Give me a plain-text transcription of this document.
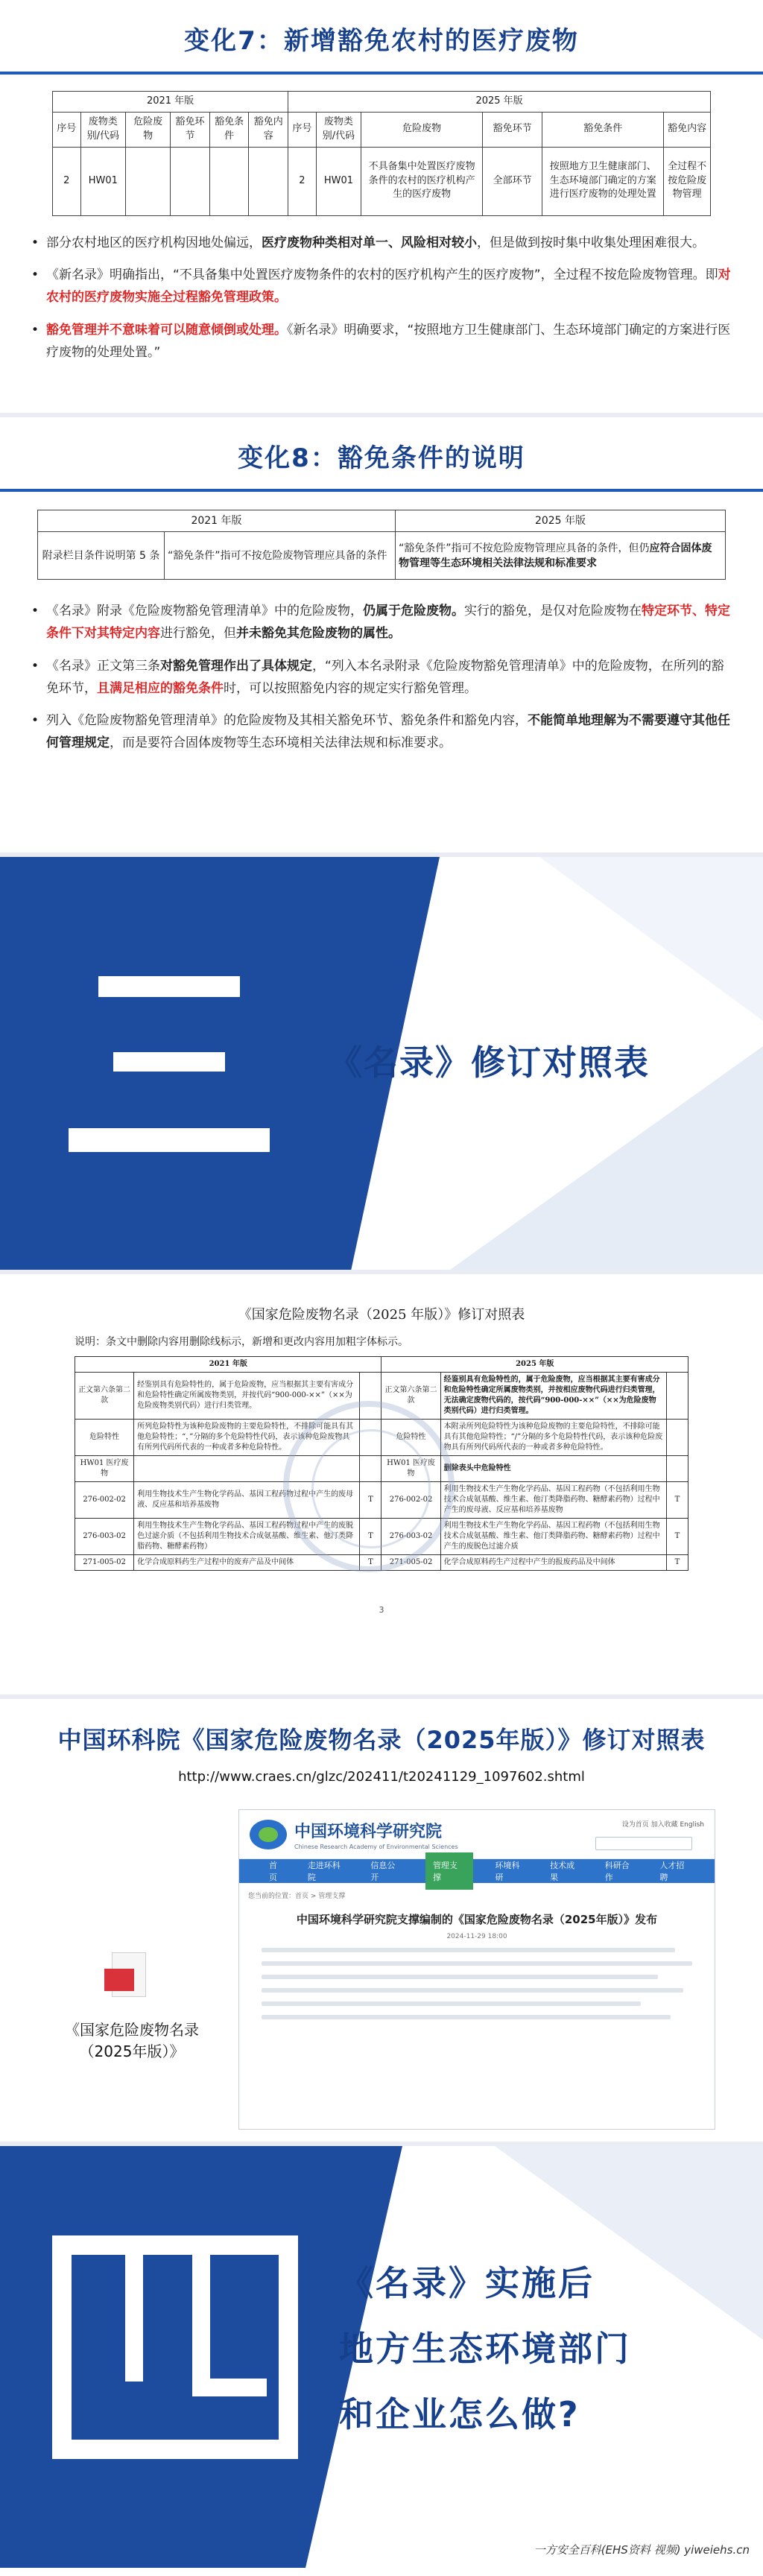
变化7：新增豁免农村的医疗废物
2021 年版						2025 年版					
序号	废物类别/代码	危险废物	豁免环节	豁免条件	豁免内容	序号	废物类别/代码	危险废物	豁免环节	豁免条件	豁免内容
2	HW01					2	HW01	不具备集中处置医疗废物条件的农村的医疗机构产生的医疗废物	全部环节	按照地方卫生健康部门、生态环境部门确定的方案进行医疗废物的处理处置	全过程不按危险废物管理
• 部分农村地区的医疗机构因地处偏远，医疗废物种类相对单一、风险相对较小，但是做到按时集中收集处理困难很大。
• 《新名录》明确指出，“不具备集中处置医疗废物条件的农村的医疗机构产生的医疗废物”，全过程不按危险废物管理。即对农村的医疗废物实施全过程豁免管理政策。
• 豁免管理并不意味着可以随意倾倒或处理。《新名录》明确要求，“按照地方卫生健康部门、生态环境部门确定的方案进行医疗废物的处理处置。”
变化8：豁免条件的说明
2021 年版		2025 年版
附录栏目条件说明第 5 条	“豁免条件”指可不按危险废物管理应具备的条件	“豁免条件”指可不按危险废物管理应具备的条件，但仍应符合固体废物管理等生态环境相关法律法规和标准要求
• 《名录》附录《危险废物豁免管理清单》中的危险废物，仍属于危险废物。实行的豁免，是仅对危险废物在特定环节、特定条件下对其特定内容进行豁免，但并未豁免其危险废物的属性。
• 《名录》正文第三条对豁免管理作出了具体规定，“列入本名录附录《危险废物豁免管理清单》中的危险废物，在所列的豁免环节，且满足相应的豁免条件时，可以按照豁免内容的规定实行豁免管理。
• 列入《危险废物豁免管理清单》的危险废物及其相关豁免环节、豁免条件和豁免内容，不能简单地理解为不需要遵守其他任何管理规定，而是要符合固体废物等生态环境相关法律法规和标准要求。
《名录》修订对照表
《国家危险废物名录（2025 年版）》修订对照表
说明：条文中删除内容用删除线标示，新增和更改内容用加粗字体标示。
2021 年版			2025 年版		
正文第六条第二款	经鉴别具有危险特性的，属于危险废物，应当根据其主要有害成分和危险特性确定所属废物类别，并按代码“900-000-××”（××为危险废物类别代码）进行归类管理。		正文第六条第二款	经鉴别具有危险特性的，属于危险废物，应当根据其主要有害成分和危险特性确定所属废物类别，并按相应废物代码进行归类管理，无法确定废物代码的，按代码“900-000-××”（××为危险废物类别代码）进行归类管理。	
危险特性	所列危险特性为该种危险废物的主要危险特性，不排除可能具有其他危险特性；“，”分隔的多个危险特性代码，表示该种危险废物具有所列代码所代表的一种或者多种危险特性。		危险特性	本附录所列危险特性为该种危险废物的主要危险特性，不排除可能具有其他危险特性；“/”分隔的多个危险特性代码，表示该种危险废物具有所列代码所代表的一种或者多种危险特性。	
HW01 医疗废物			HW01 医疗废物	删除表头中危险特性	
276-002-02	利用生物技术生产生物化学药品、基因工程药物过程中产生的废母液、反应基和培养基废物	T	276-002-02	利用生物技术生产生物化学药品、基因工程药物（不包括利用生物技术合成氨基酸、维生素、他汀类降脂药物、糖酵素药物）过程中产生的废母液、反应基和培养基废物	T
276-003-02	利用生物技术生产生物化学药品、基因工程药物过程中产生的废脱色过滤介质（不包括利用生物技术合成氨基酸、维生素、他汀类降脂药物、糖酵素药物）	T	276-003-02	利用生物技术生产生物化学药品、基因工程药物（不包括利用生物技术合成氨基酸、维生素、他汀类降脂药物、糖酵素药物）过程中产生的废脱色过滤介质	T
271-005-02	化学合成原料药生产过程中的废弃产品及中间体	T	271-005-02	化学合成原料药生产过程中产生的报废药品及中间体	T
3
中国环科院《国家危险废物名录（2025年版）》修订对照表
http://www.craes.cn/glzc/202411/t20241129_1097602.shtml
《国家危险废物名录（2025年版）》
中国环境科学研究院
Chinese Research Academy of Environmental Sciences
设为首页 加入收藏 English
首页
走进环科院
信息公开
管理支撑
环境科研
技术成果
科研合作
人才招聘
您当前的位置：首页 > 管理支撑
中国环境科学研究院支撑编制的《国家危险废物名录（2025年版）》发布
2024-11-29 18:00
《名录》实施后
地方生态环境部门
和企业怎么做?
一方安全百科(EHS资料 视频) yiweiehs.cn
